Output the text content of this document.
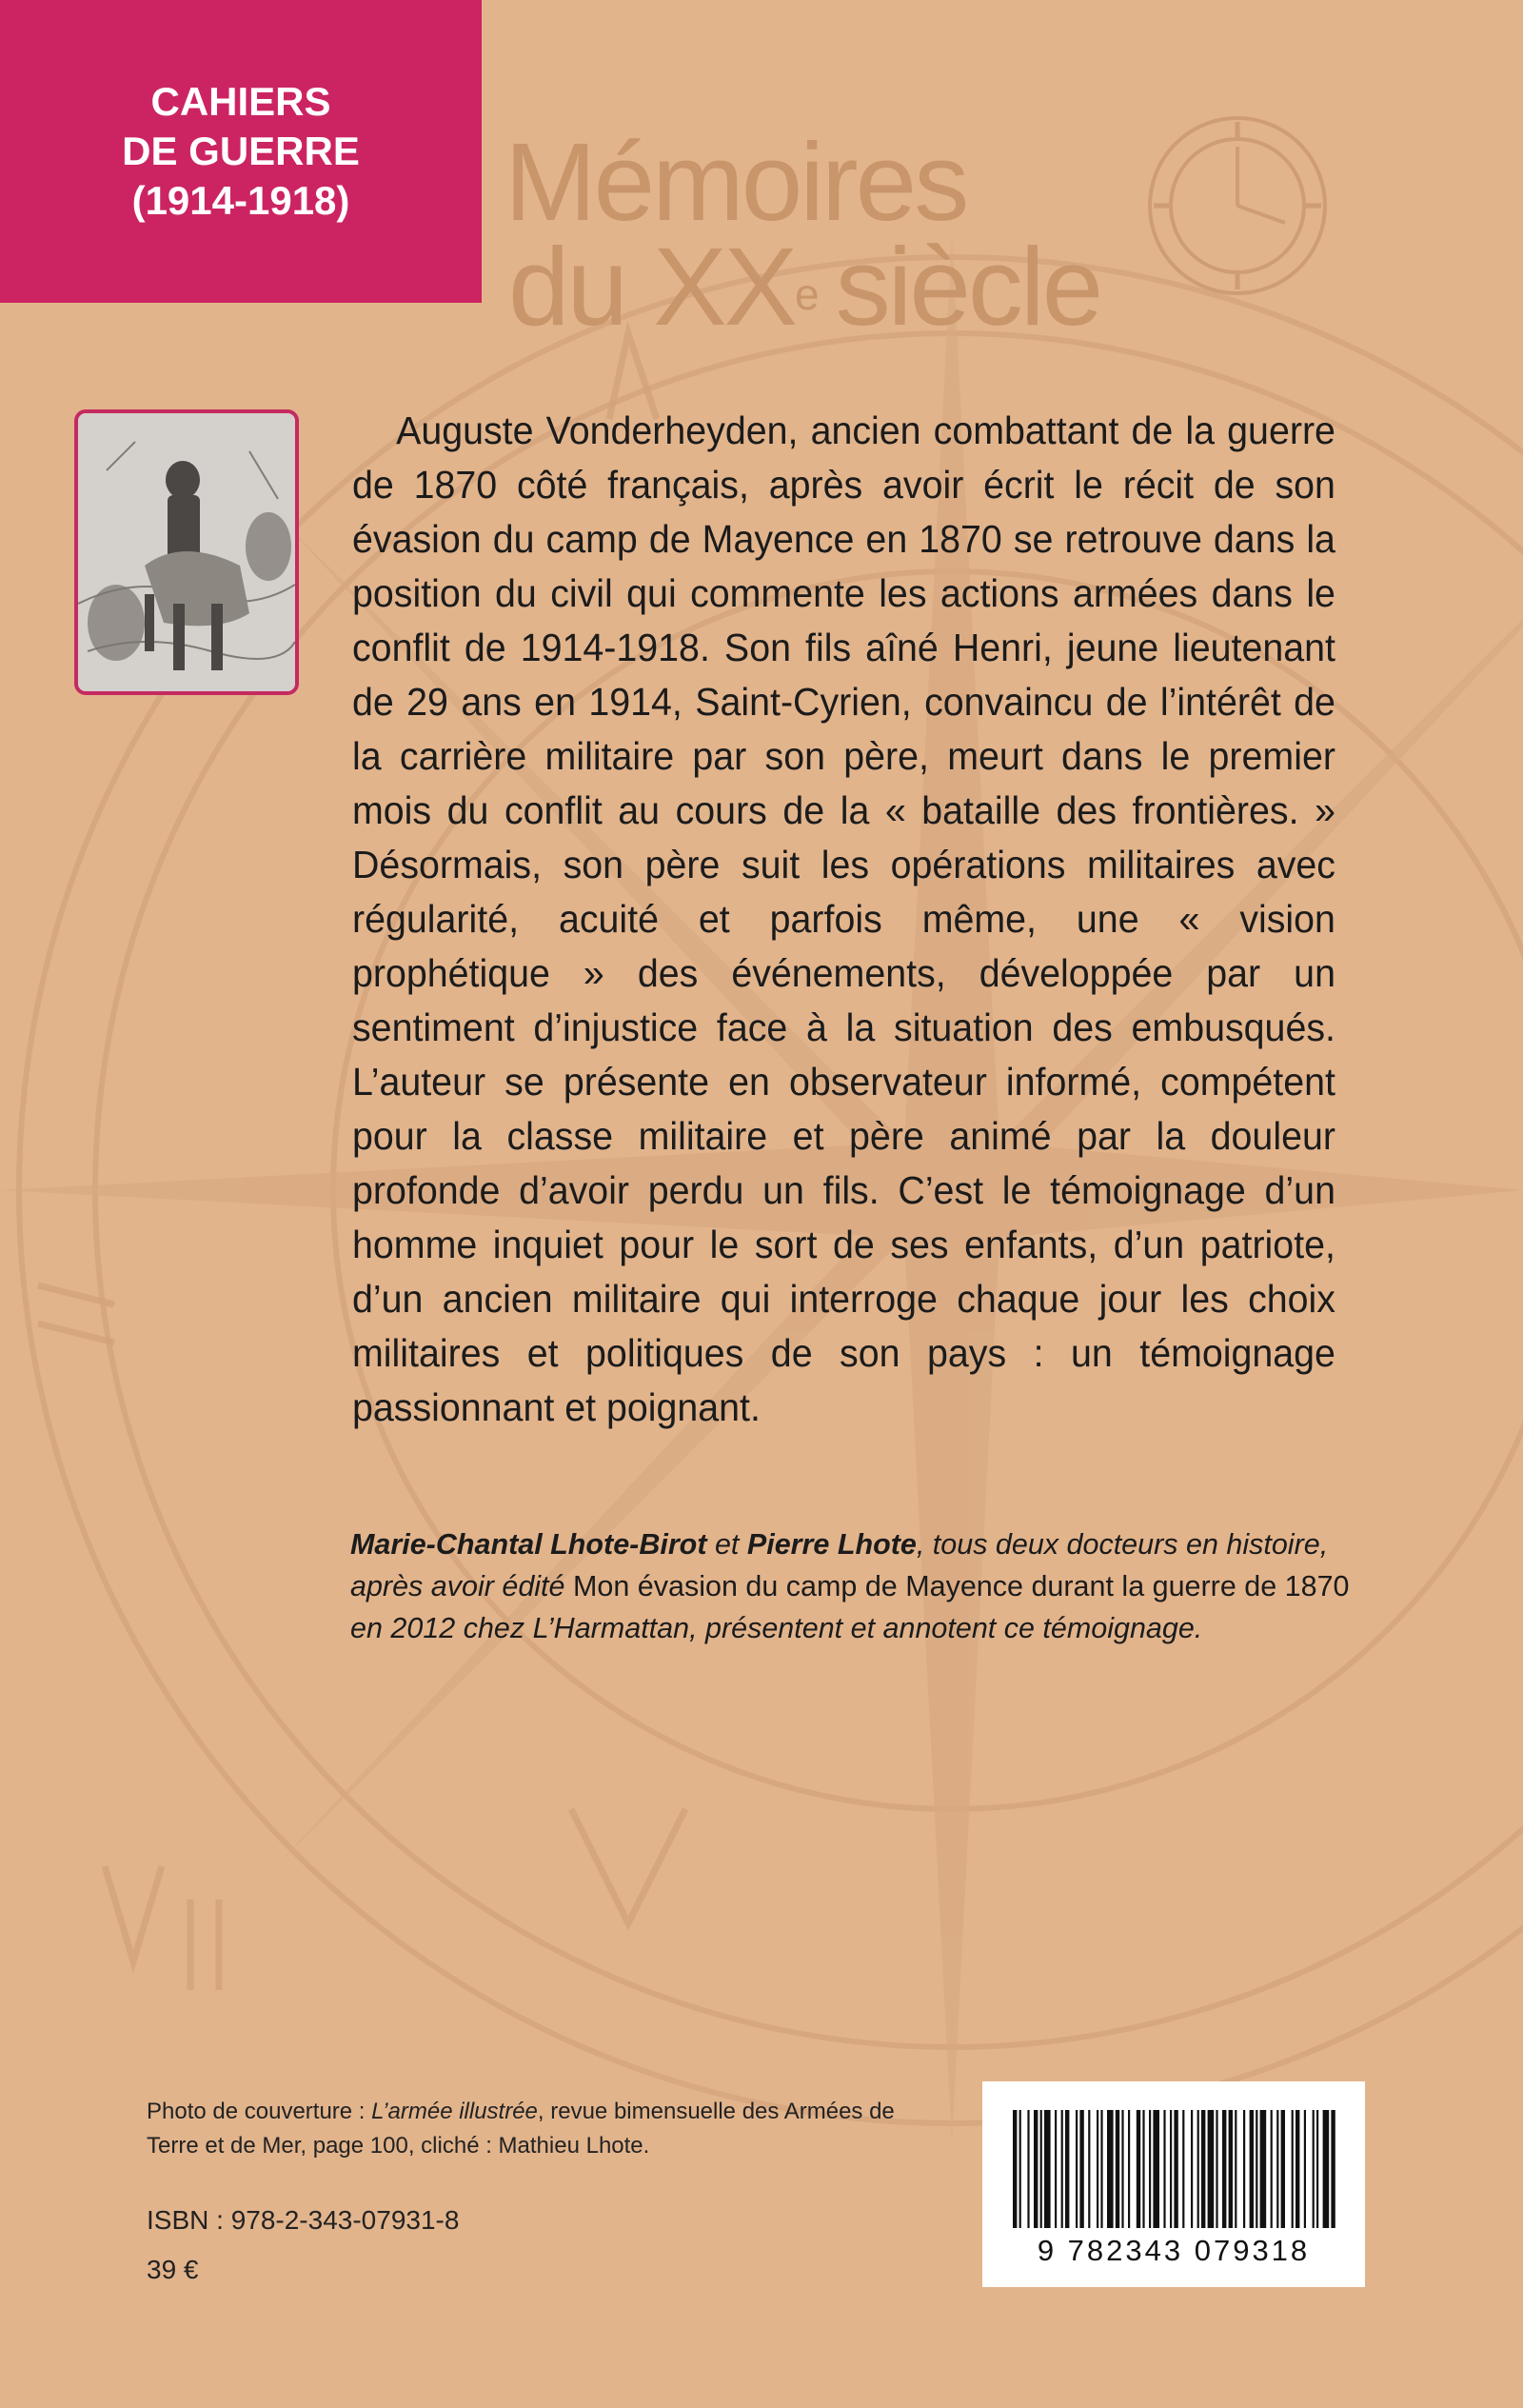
CAHIERS
DE GUERRE
(1914-1918) Mémoires
du XXe siècle

Auguste Vonderheyden, ancien combattant de la guerre de 1870 côté français, après avoir écrit le récit de son évasion du camp de Mayence en 1870 se retrouve dans la position du civil qui commente les actions armées dans le conflit de 1914-1918. Son fils aîné Henri, jeune lieutenant de 29 ans en 1914, Saint-Cyrien, convaincu de l’intérêt de la carrière militaire par son père, meurt dans le premier mois du conflit au cours de la « bataille des frontières. » Désormais, son père suit les opérations militaires avec régularité, acuité et parfois même, une « vision prophétique » des événements, développée par un sentiment d’injustice face à la situation des embusqués. L’auteur se présente en observateur informé, compétent pour la classe militaire et père animé par la douleur profonde d’avoir perdu un fils. C’est le témoignage d’un homme inquiet pour le sort de ses enfants, d’un patriote, d’un ancien militaire qui interroge chaque jour les choix militaires et politiques de son pays : un témoignage passionnant et poignant.

Marie-Chantal Lhote-Birot et Pierre Lhote, tous deux docteurs en histoire, après avoir édité Mon évasion du camp de Mayence durant la guerre de 1870 en 2012 chez L’Harmattan, présentent et annotent ce témoignage.
Photo de couverture : L’armée illustrée, revue bimensuelle des Armées de Terre et de Mer, page 100, cliché : Mathieu Lhote.
ISBN : 978-2-343-07931-8
39 €
9 782343 079318
